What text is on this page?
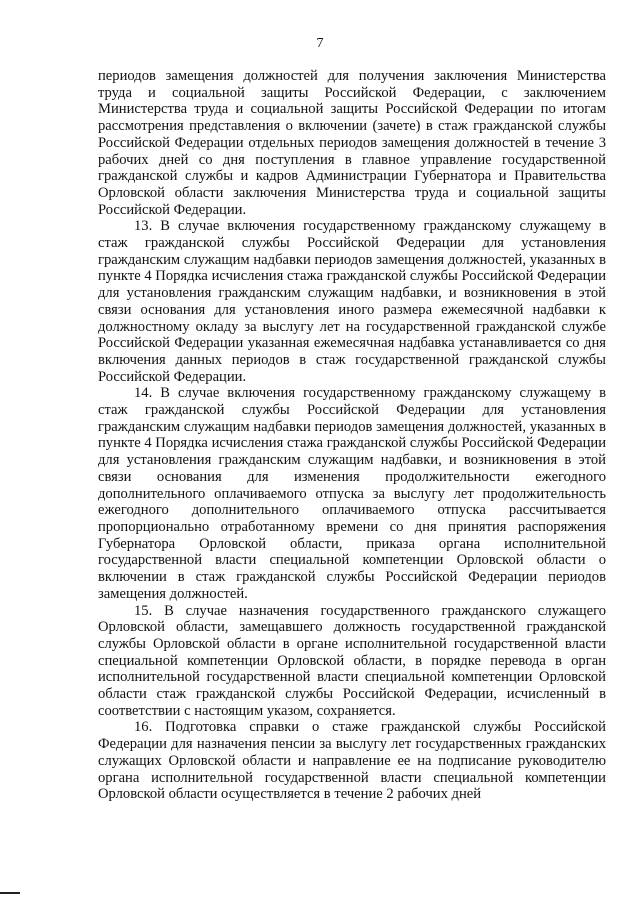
7

периодов замещения должностей для получения заключения Министерства труда и социальной защиты Российской Федерации, с заключением Министерства труда и социальной защиты Российской Федерации по итогам рассмотрения представления о включении (зачете) в стаж гражданской службы Российской Федерации отдельных периодов замещения должностей в течение 3 рабочих дней со дня поступления в главное управление государственной гражданской службы и кадров Администрации Губернатора и Правительства Орловской области заключения Министерства труда и социальной защиты Российской Федерации.

13. В случае включения государственному гражданскому служащему в стаж гражданской службы Российской Федерации для установления гражданским служащим надбавки периодов замещения должностей, указанных в пункте 4 Порядка исчисления стажа гражданской службы Российской Федерации для установления гражданским служащим надбавки, и возникновения в этой связи основания для установления иного размера ежемесячной надбавки к должностному окладу за выслугу лет на государственной гражданской службе Российской Федерации указанная ежемесячная надбавка устанавливается со дня включения данных периодов в стаж государственной гражданской службы Российской Федерации.

14. В случае включения государственному гражданскому служащему в стаж гражданской службы Российской Федерации для установления гражданским служащим надбавки периодов замещения должностей, указанных в пункте 4 Порядка исчисления стажа гражданской службы Российской Федерации для установления гражданским служащим надбавки, и возникновения в этой связи основания для изменения продолжительности ежегодного дополнительного оплачиваемого отпуска за выслугу лет продолжительность ежегодного дополнительного оплачиваемого отпуска рассчитывается пропорционально отработанному времени со дня принятия распоряжения Губернатора Орловской области, приказа органа исполнительной государственной власти специальной компетенции Орловской области о включении в стаж гражданской службы Российской Федерации периодов замещения должностей.

15. В случае назначения государственного гражданского служащего Орловской области, замещавшего должность государственной гражданской службы Орловской области в органе исполнительной государственной власти специальной компетенции Орловской области, в порядке перевода в орган исполнительной государственной власти специальной компетенции Орловской области стаж гражданской службы Российской Федерации, исчисленный в соответствии с настоящим указом, сохраняется.

16. Подготовка справки о стаже гражданской службы Российской Федерации для назначения пенсии за выслугу лет государственных гражданских служащих Орловской области и направление ее на подписание руководителю органа исполнительной государственной власти специальной компетенции Орловской области осуществляется в течение 2 рабочих дней
